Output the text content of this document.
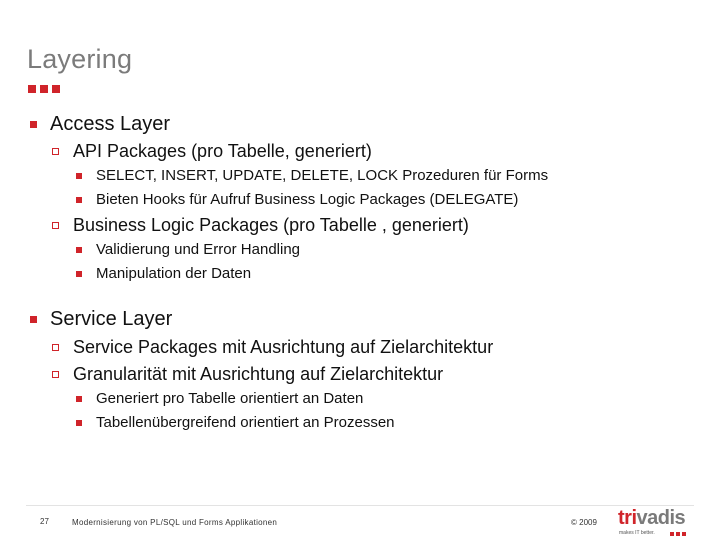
Layering
Access Layer
API Packages (pro Tabelle, generiert)
SELECT, INSERT, UPDATE, DELETE, LOCK Prozeduren für Forms
Bieten Hooks für Aufruf Business Logic Packages (DELEGATE)
Business Logic Packages (pro Tabelle , generiert)
Validierung und Error Handling
Manipulation der Daten
Service Layer
Service Packages mit Ausrichtung auf Zielarchitektur
Granularität mit Ausrichtung auf Zielarchitektur
Generiert pro Tabelle orientiert an Daten
Tabellenübergreifend orientiert an Prozessen
27	Modernisierung von PL/SQL und Forms Applikationen	© 2009 trivadis
makes IT better.
